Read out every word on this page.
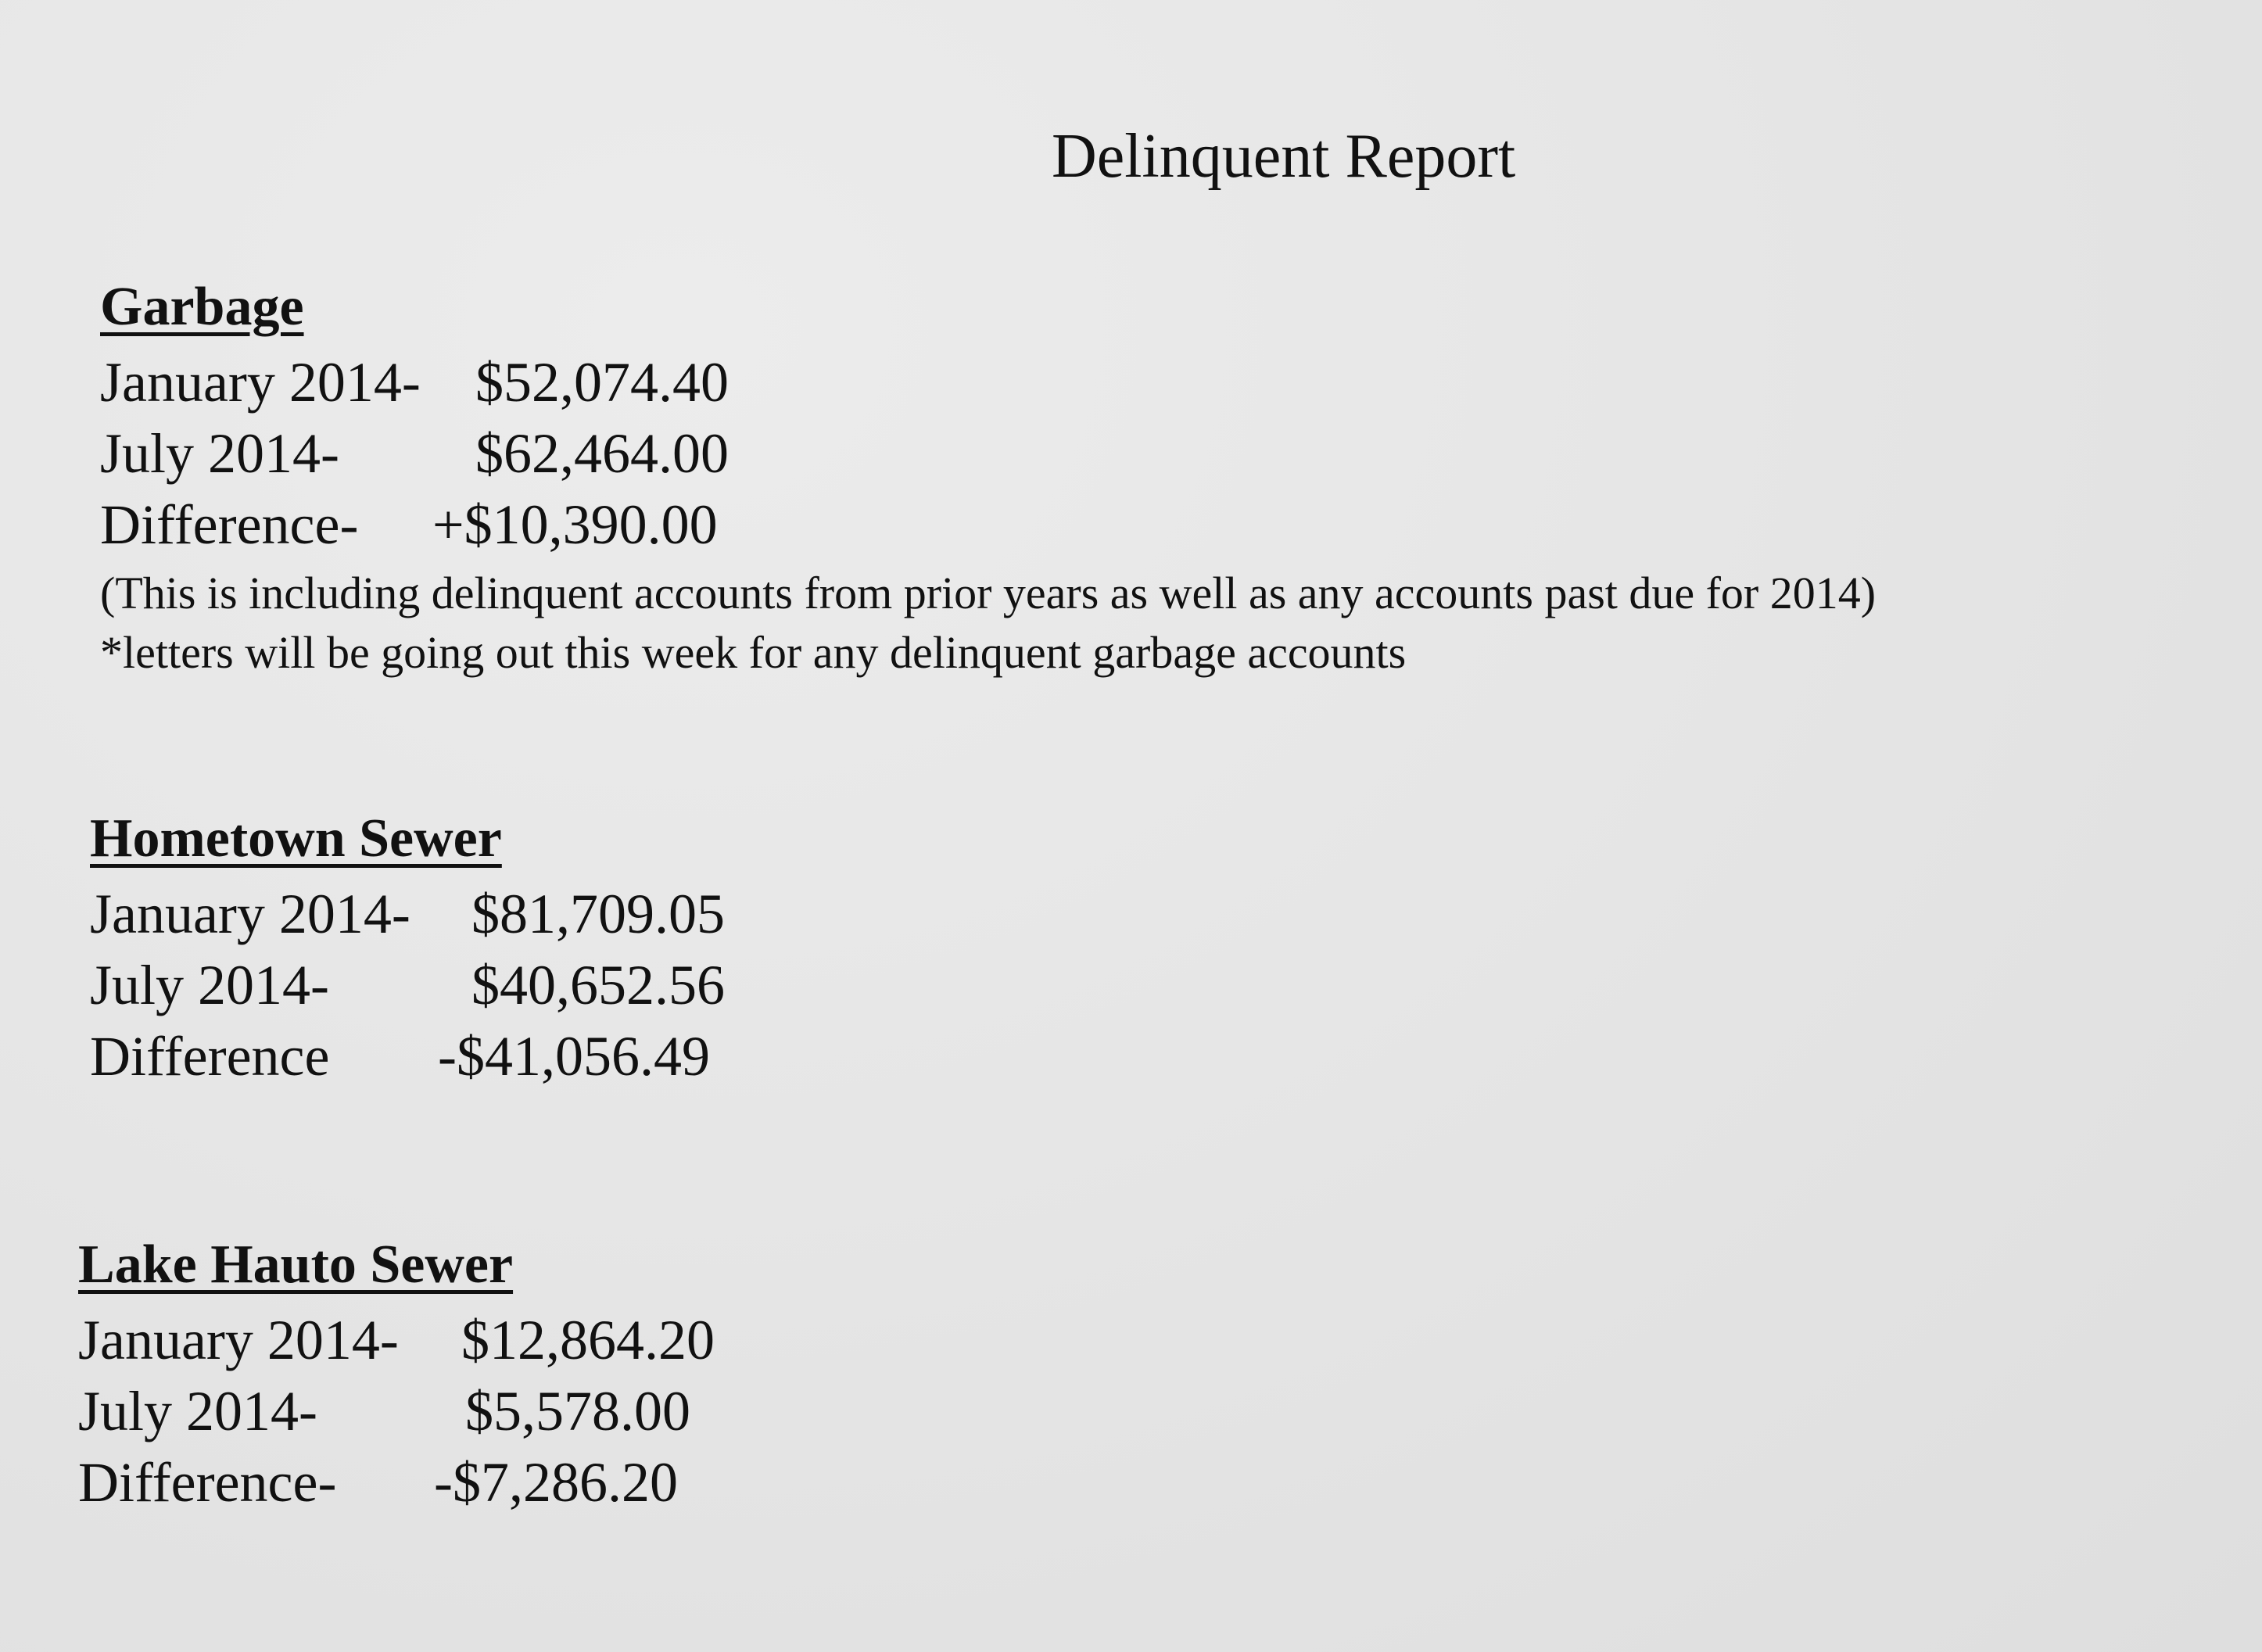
Delinquent Report
Garbage
January 2014- $52,074.40
July 2014- $62,464.00
Difference- +$10,390.00
(This is including delinquent accounts from prior years as well as any accounts past due for 2014)
*letters will be going out this week for any delinquent garbage accounts
Hometown Sewer
January 2014- $81,709.05
July 2014-	$40,652.56
Difference -$41,056.49
Lake Hauto Sewer
January 2014- $12,864.20
July 2014-	$5,578.00
Difference- -$7,286.20
